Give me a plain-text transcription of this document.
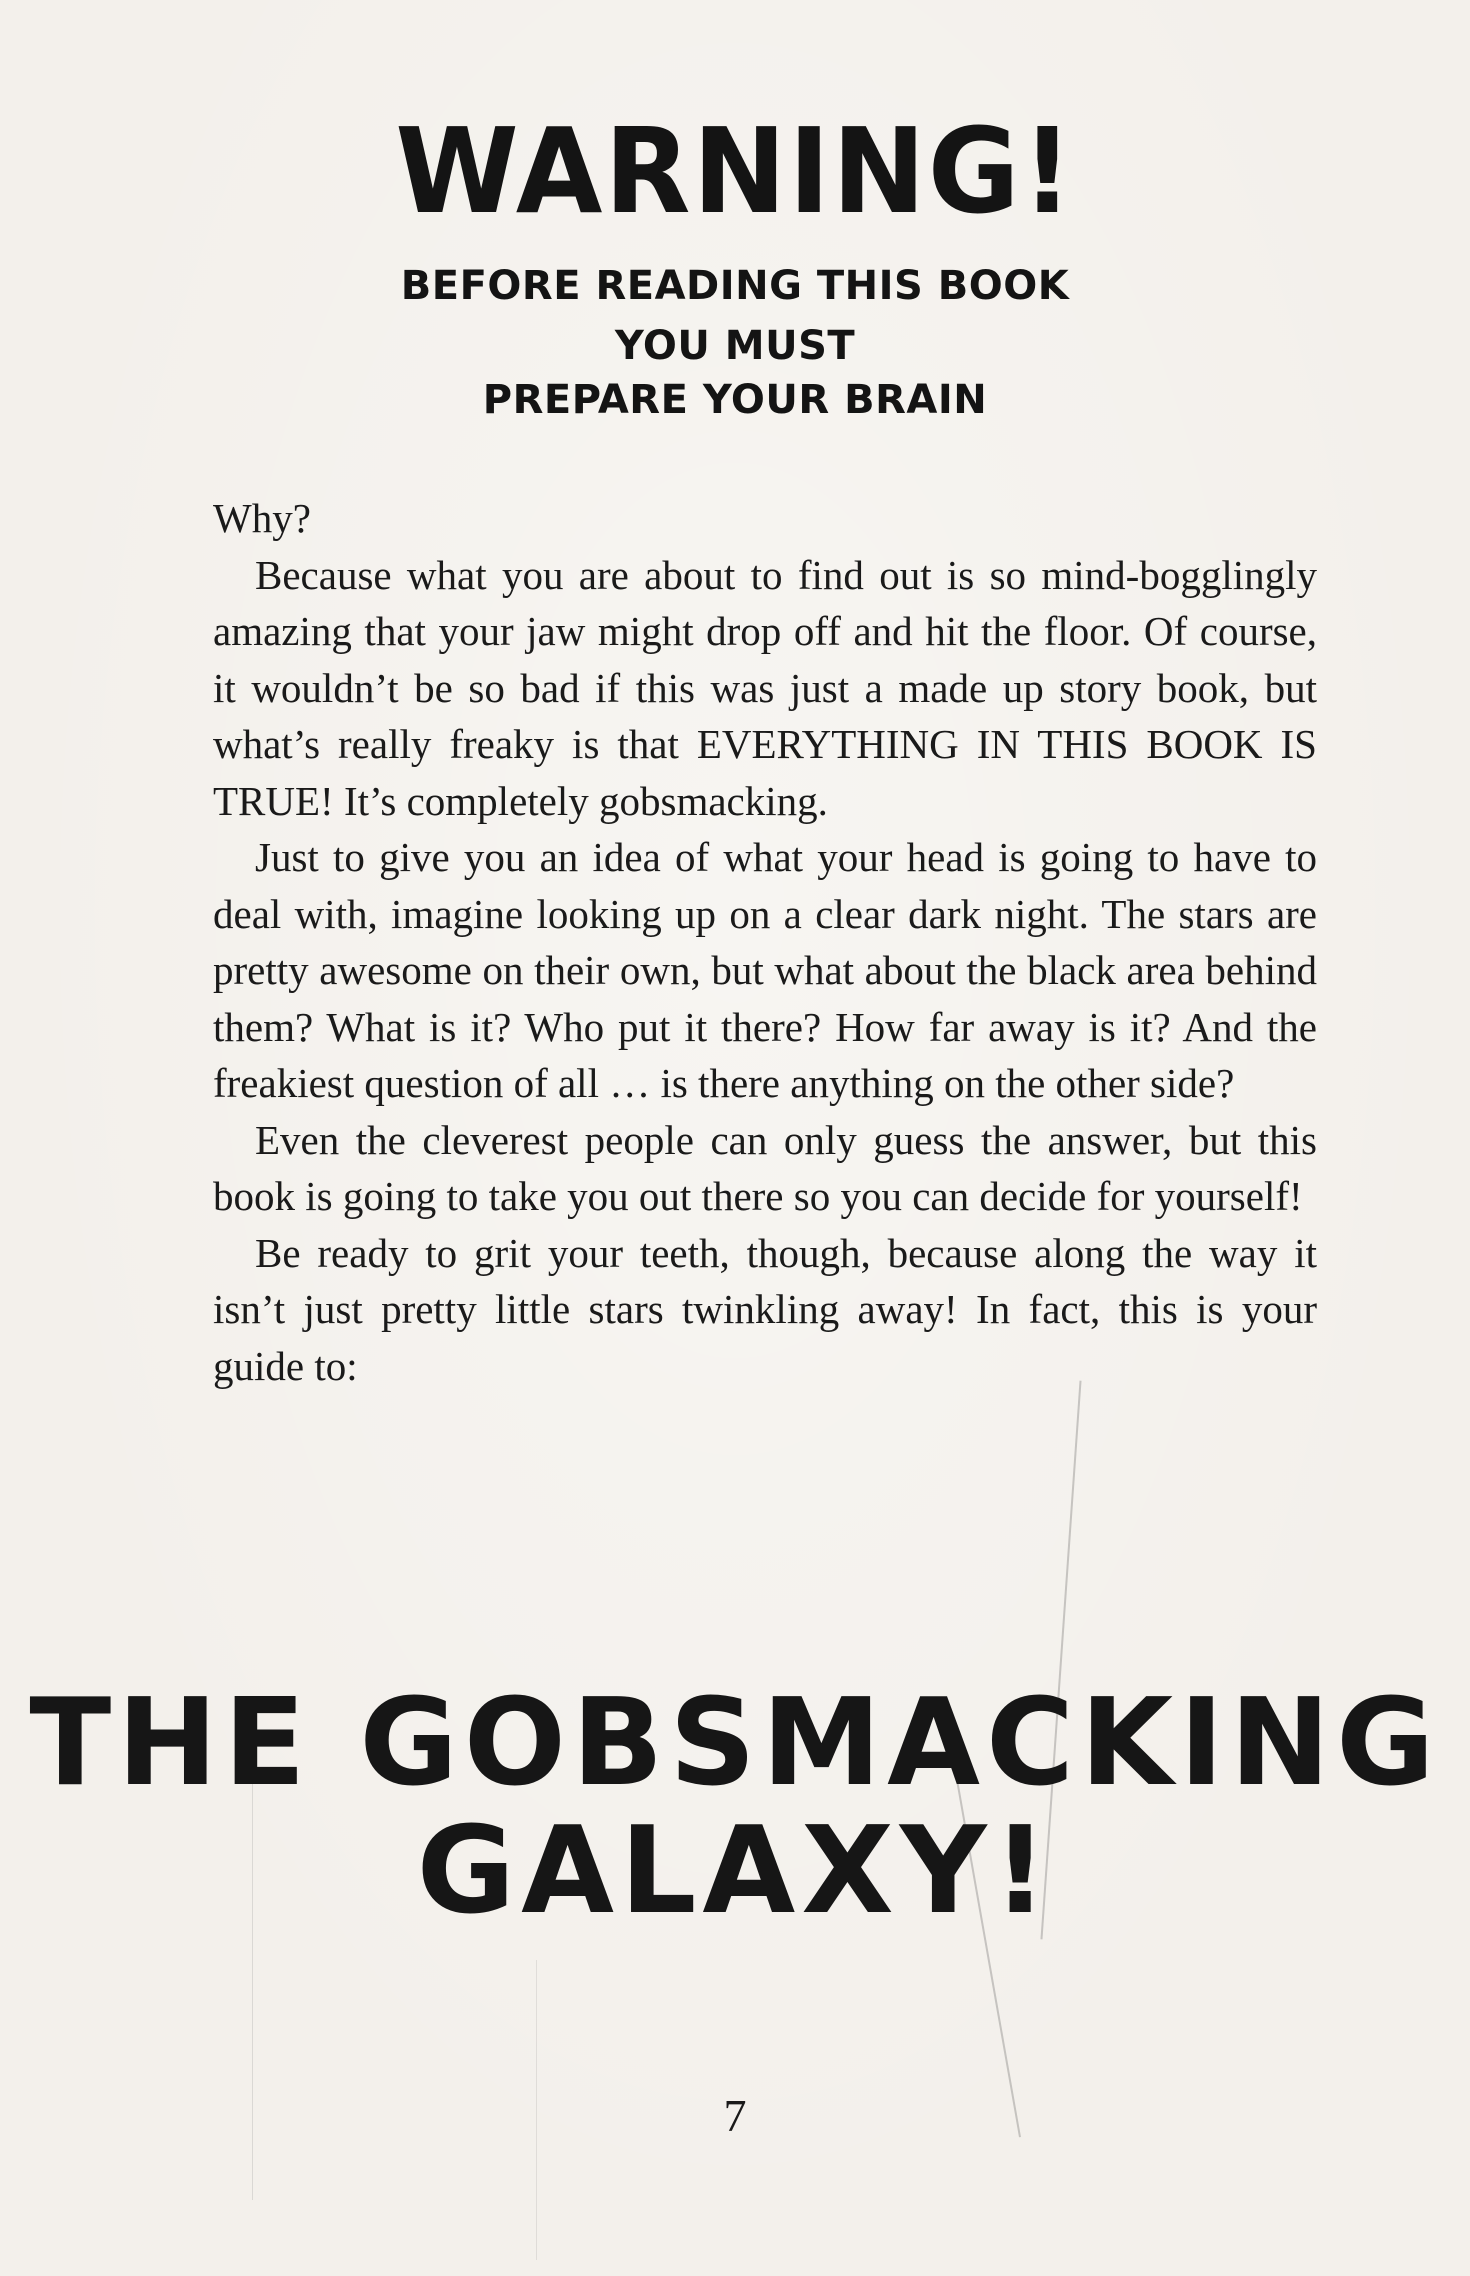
WARNING!
BEFORE READING THIS BOOK
YOU MUST
PREPARE YOUR BRAIN

Why?

Because what you are about to find out is so mind-bogglingly amazing that your jaw might drop off and hit the floor. Of course, it wouldn’t be so bad if this was just a made up story book, but what’s really freaky is that EVERYTHING IN THIS BOOK IS TRUE! It’s completely gobsmacking.

Just to give you an idea of what your head is going to have to deal with, imagine looking up on a clear dark night. The stars are pretty awesome on their own, but what about the black area behind them? What is it? Who put it there? How far away is it? And the freakiest question of all … is there anything on the other side?

Even the cleverest people can only guess the answer, but this book is going to take you out there so you can decide for yourself!

Be ready to grit your teeth, though, because along the way it isn’t just pretty little stars twinkling away! In fact, this is your guide to:

THE GOBSMACKING
GALAXY!
7
